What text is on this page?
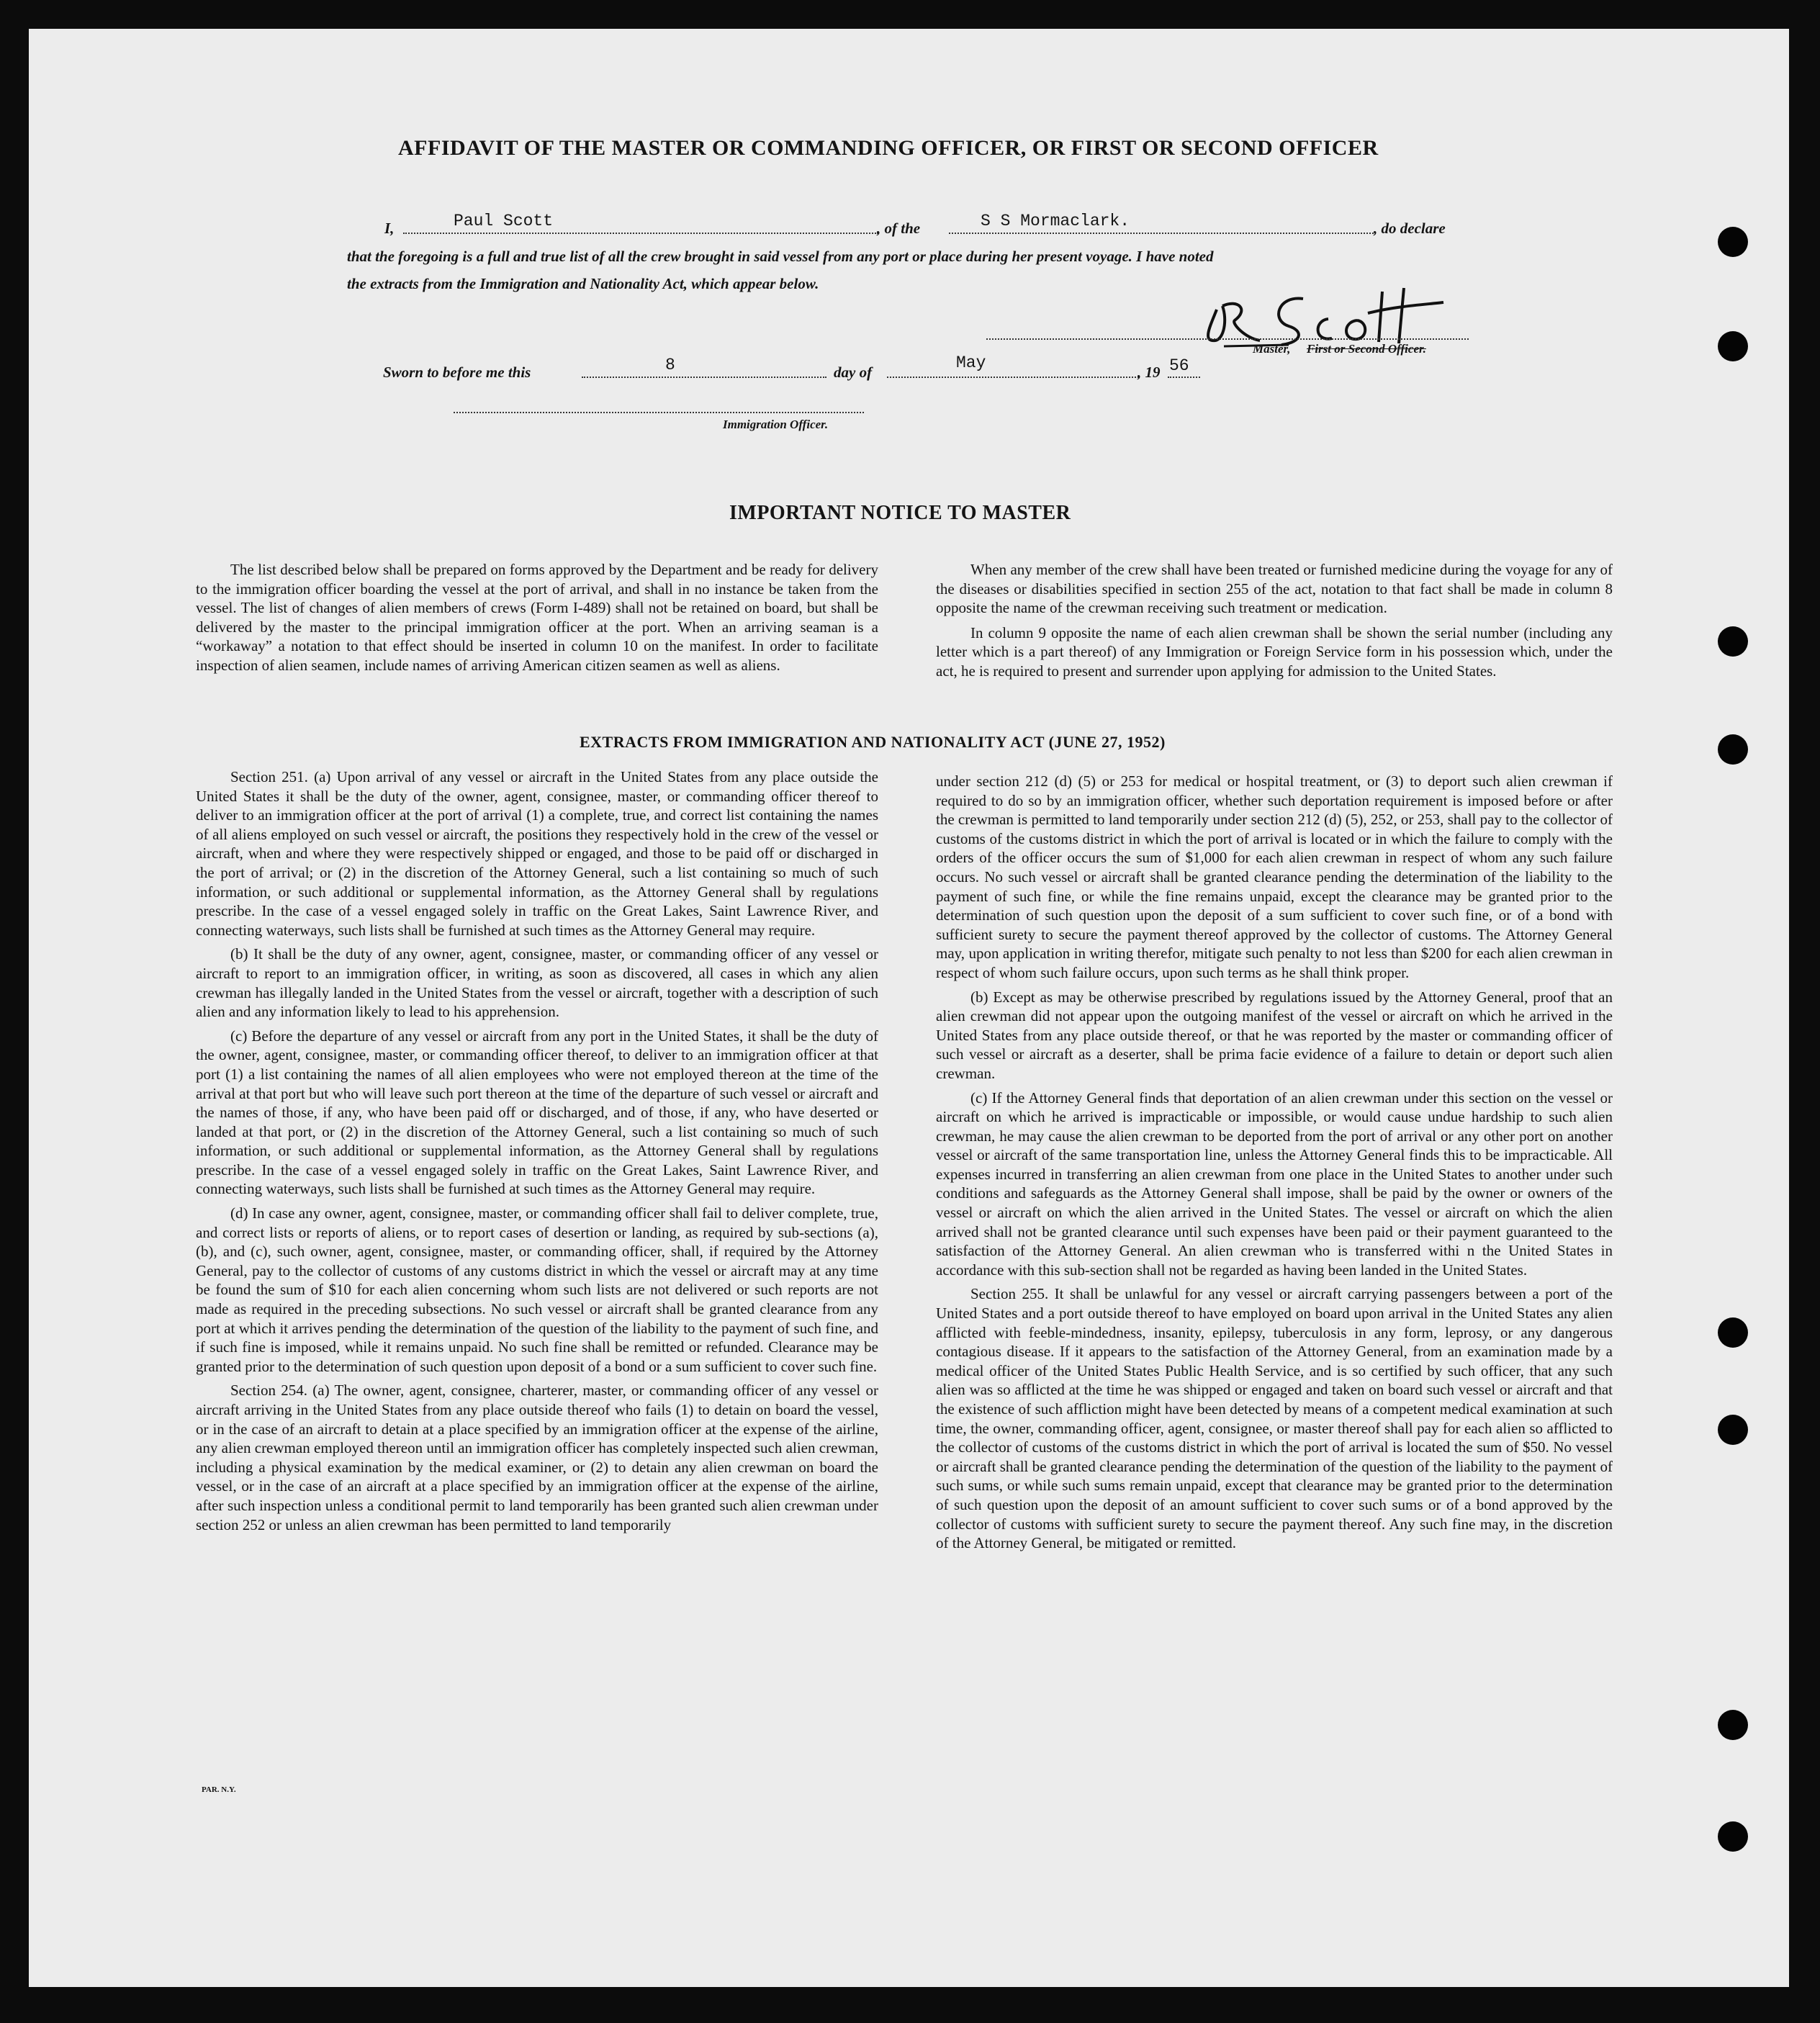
AFFIDAVIT OF THE MASTER OR COMMANDING OFFICER, OR FIRST OR SECOND OFFICER
I,	Paul Scott	, of the	S S Mormaclark.	, do declare
that the foregoing is a full and true list of all the crew brought in said vessel from any port or place during her present voyage. I have noted
the extracts from the Immigration and Nationality Act, which appear below.
Master, First or Second Officer.
Sworn to before me this	8	day of	May	, 19 56
Immigration Officer.
IMPORTANT NOTICE TO MASTER

The list described below shall be prepared on forms approved by the Department and be ready for delivery to the immigration officer boarding the vessel at the port of arrival, and shall in no instance be taken from the vessel. The list of changes of alien members of crews (Form I-489) shall not be retained on board, but shall be delivered by the master to the principal immigration officer at the port. When an arriving seaman is a “workaway” a notation to that effect should be inserted in column 10 on the manifest. In order to facilitate inspection of alien seamen, include names of arriving American citizen seamen as well as aliens.

When any member of the crew shall have been treated or furnished medicine during the voyage for any of the diseases or disabilities specified in section 255 of the act, notation to that fact shall be made in column 8 opposite the name of the crewman receiving such treatment or medication.

In column 9 opposite the name of each alien crewman shall be shown the serial number (including any letter which is a part thereof) of any Immigration or Foreign Service form in his possession which, under the act, he is required to present and surrender upon applying for admission to the United States.

EXTRACTS FROM IMMIGRATION AND NATIONALITY ACT (JUNE 27, 1952)

Section 251. (a) Upon arrival of any vessel or aircraft in the United States from any place outside the United States it shall be the duty of the owner, agent, consignee, master, or commanding officer thereof to deliver to an immigration officer at the port of arrival (1) a complete, true, and correct list containing the names of all aliens employed on such vessel or aircraft, the positions they respectively hold in the crew of the vessel or aircraft, when and where they were respectively shipped or engaged, and those to be paid off or discharged in the port of arrival; or (2) in the discretion of the Attorney General, such a list containing so much of such information, or such additional or supplemental information, as the Attorney General shall by regulations prescribe. In the case of a vessel engaged solely in traffic on the Great Lakes, Saint Lawrence River, and connecting waterways, such lists shall be furnished at such times as the Attorney General may require.

(b) It shall be the duty of any owner, agent, consignee, master, or commanding officer of any vessel or aircraft to report to an immigration officer, in writing, as soon as discovered, all cases in which any alien crewman has illegally landed in the United States from the vessel or aircraft, together with a description of such alien and any information likely to lead to his apprehension.

(c) Before the departure of any vessel or aircraft from any port in the United States, it shall be the duty of the owner, agent, consignee, master, or commanding officer thereof, to deliver to an immigration officer at that port (1) a list containing the names of all alien employees who were not employed thereon at the time of the arrival at that port but who will leave such port thereon at the time of the departure of such vessel or aircraft and the names of those, if any, who have been paid off or discharged, and of those, if any, who have deserted or landed at that port, or (2) in the discretion of the Attorney General, such a list containing so much of such information, or such additional or supplemental information, as the Attorney General shall by regulations prescribe. In the case of a vessel engaged solely in traffic on the Great Lakes, Saint Lawrence River, and connecting waterways, such lists shall be furnished at such times as the Attorney General may require.

(d) In case any owner, agent, consignee, master, or commanding officer shall fail to deliver complete, true, and correct lists or reports of aliens, or to report cases of desertion or landing, as required by sub-sections (a), (b), and (c), such owner, agent, consignee, master, or commanding officer, shall, if required by the Attorney General, pay to the collector of customs of any customs district in which the vessel or aircraft may at any time be found the sum of $10 for each alien concerning whom such lists are not delivered or such reports are not made as required in the preceding subsections. No such vessel or aircraft shall be granted clearance from any port at which it arrives pending the determination of the question of the liability to the payment of such fine, and if such fine is imposed, while it remains unpaid. No such fine shall be remitted or refunded. Clearance may be granted prior to the determination of such question upon deposit of a bond or a sum sufficient to cover such fine.

Section 254. (a) The owner, agent, consignee, charterer, master, or commanding officer of any vessel or aircraft arriving in the United States from any place outside thereof who fails (1) to detain on board the vessel, or in the case of an aircraft to detain at a place specified by an immigration officer at the expense of the airline, any alien crewman employed thereon until an immigration officer has completely inspected such alien crewman, including a physical examination by the medical examiner, or (2) to detain any alien crewman on board the vessel, or in the case of an aircraft at a place specified by an immigration officer at the expense of the airline, after such inspection unless a conditional permit to land temporarily has been granted such alien crewman under section 252 or unless an alien crewman has been permitted to land temporarily

under section 212 (d) (5) or 253 for medical or hospital treatment, or (3) to deport such alien crewman if required to do so by an immigration officer, whether such deportation requirement is imposed before or after the crewman is permitted to land temporarily under section 212 (d) (5), 252, or 253, shall pay to the collector of customs of the customs district in which the port of arrival is located or in which the failure to comply with the orders of the officer occurs the sum of $1,000 for each alien crewman in respect of whom any such failure occurs. No such vessel or aircraft shall be granted clearance pending the determination of the liability to the payment of such fine, or while the fine remains unpaid, except the clearance may be granted prior to the determination of such question upon the deposit of a sum sufficient to cover such fine, or of a bond with sufficient surety to secure the payment thereof approved by the collector of customs. The Attorney General may, upon application in writing therefor, mitigate such penalty to not less than $200 for each alien crewman in respect of whom such failure occurs, upon such terms as he shall think proper.

(b) Except as may be otherwise prescribed by regulations issued by the Attorney General, proof that an alien crewman did not appear upon the outgoing manifest of the vessel or aircraft on which he arrived in the United States from any place outside thereof, or that he was reported by the master or commanding officer of such vessel or aircraft as a deserter, shall be prima facie evidence of a failure to detain or deport such alien crewman.

(c) If the Attorney General finds that deportation of an alien crewman under this section on the vessel or aircraft on which he arrived is impracticable or impossible, or would cause undue hardship to such alien crewman, he may cause the alien crewman to be deported from the port of arrival or any other port on another vessel or aircraft of the same transportation line, unless the Attorney General finds this to be impracticable. All expenses incurred in transferring an alien crewman from one place in the United States to another under such conditions and safeguards as the Attorney General shall impose, shall be paid by the owner or owners of the vessel or aircraft on which the alien arrived in the United States. The vessel or aircraft on which the alien arrived shall not be granted clearance until such expenses have been paid or their payment guaranteed to the satisfaction of the Attorney General. An alien crewman who is transferred withi n the United States in accordance with this sub-section shall not be regarded as having been landed in the United States.

Section 255. It shall be unlawful for any vessel or aircraft carrying passengers between a port of the United States and a port outside thereof to have employed on board upon arrival in the United States any alien afflicted with feeble-mindedness, insanity, epilepsy, tuberculosis in any form, leprosy, or any dangerous contagious disease. If it appears to the satisfaction of the Attorney General, from an examination made by a medical officer of the United States Public Health Service, and is so certified by such officer, that any such alien was so afflicted at the time he was shipped or engaged and taken on board such vessel or aircraft and that the existence of such affliction might have been detected by means of a competent medical examination at such time, the owner, commanding officer, agent, consignee, or master thereof shall pay for each alien so afflicted to the collector of customs of the customs district in which the port of arrival is located the sum of $50. No vessel or aircraft shall be granted clearance pending the determination of the question of the liability to the payment of such sums, or while such sums remain unpaid, except that clearance may be granted prior to the determination of such question upon the deposit of an amount sufficient to cover such sums or of a bond approved by the collector of customs with sufficient surety to secure the payment thereof. Any such fine may, in the discretion of the Attorney General, be mitigated or remitted.

PAR. N.Y.
